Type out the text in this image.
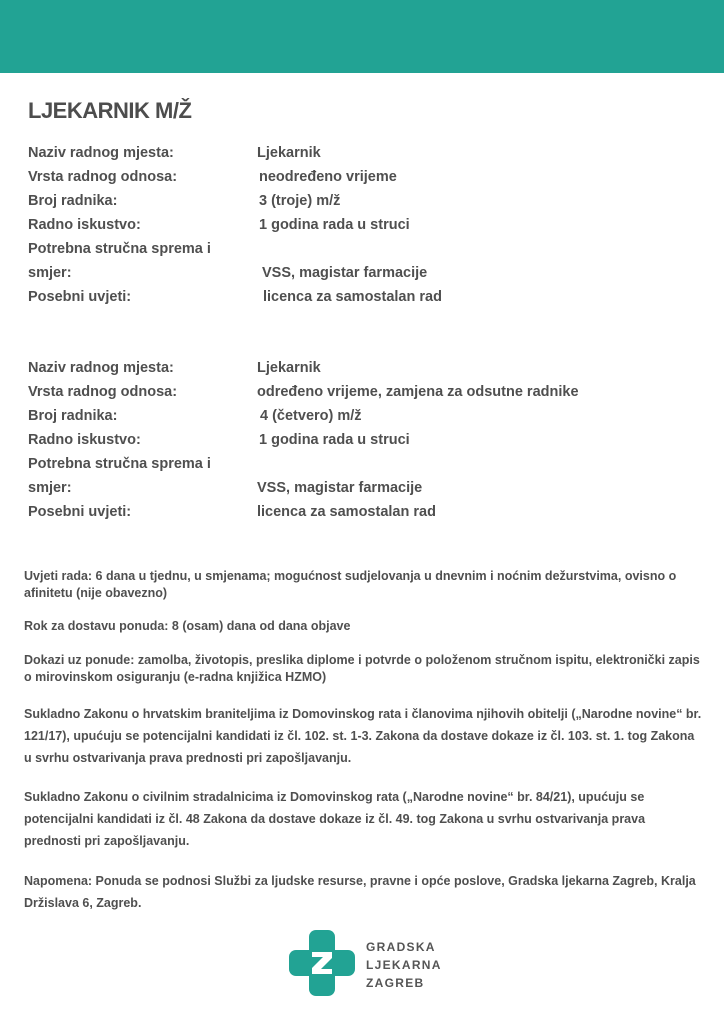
LJEKARNIK M/Ž
Naziv radnog mjesta:	Ljekarnik
Vrsta radnog odnosa:	neodređeno vrijeme
Broj radnika:	3 (troje) m/ž
Radno iskustvo:	1 godina rada u struci
Potrebna stručna sprema i
smjer:	VSS, magistar farmacije
Posebni uvjeti:	licenca za samostalan rad
Naziv radnog mjesta:	Ljekarnik
Vrsta radnog odnosa:	određeno vrijeme, zamjena za odsutne radnike
Broj radnika:	4 (četvero) m/ž
Radno iskustvo:	1 godina rada u struci
Potrebna stručna sprema i
smjer:	VSS, magistar farmacije
Posebni uvjeti:	licenca za samostalan rad

Uvjeti rada: 6 dana u tjednu, u smjenama; mogućnost sudjelovanja u dnevnim i noćnim dežurstvima, ovisno o afinitetu (nije obavezno)

Rok za dostavu ponuda: 8 (osam) dana od dana objave

Dokazi uz ponude: zamolba, životopis, preslika diplome i potvrde o položenom stručnom ispitu, elektronički zapis o mirovinskom osiguranju (e-radna knjižica HZMO)

Sukladno Zakonu o hrvatskim braniteljima iz Domovinskog rata i članovima njihovih obitelji („Narodne novine“ br. 121/17), upućuju se potencijalni kandidati iz čl. 102. st. 1-3. Zakona da dostave dokaze iz čl. 103. st. 1. tog Zakona u svrhu ostvarivanja prava prednosti pri zapošljavanju.

Sukladno Zakonu o civilnim stradalnicima iz Domovinskog rata („Narodne novine“ br. 84/21), upućuju se potencijalni kandidati iz čl. 48 Zakona da dostave dokaze iz čl. 49. tog Zakona u svrhu ostvarivanja prava prednosti pri zapošljavanju.

Napomena: Ponuda se podnosi Službi za ljudske resurse, pravne i opće poslove, Gradska ljekarna Zagreb, Kralja Držislava 6, Zagreb.

GRADSKA
LJEKARNA
ZAGREB
